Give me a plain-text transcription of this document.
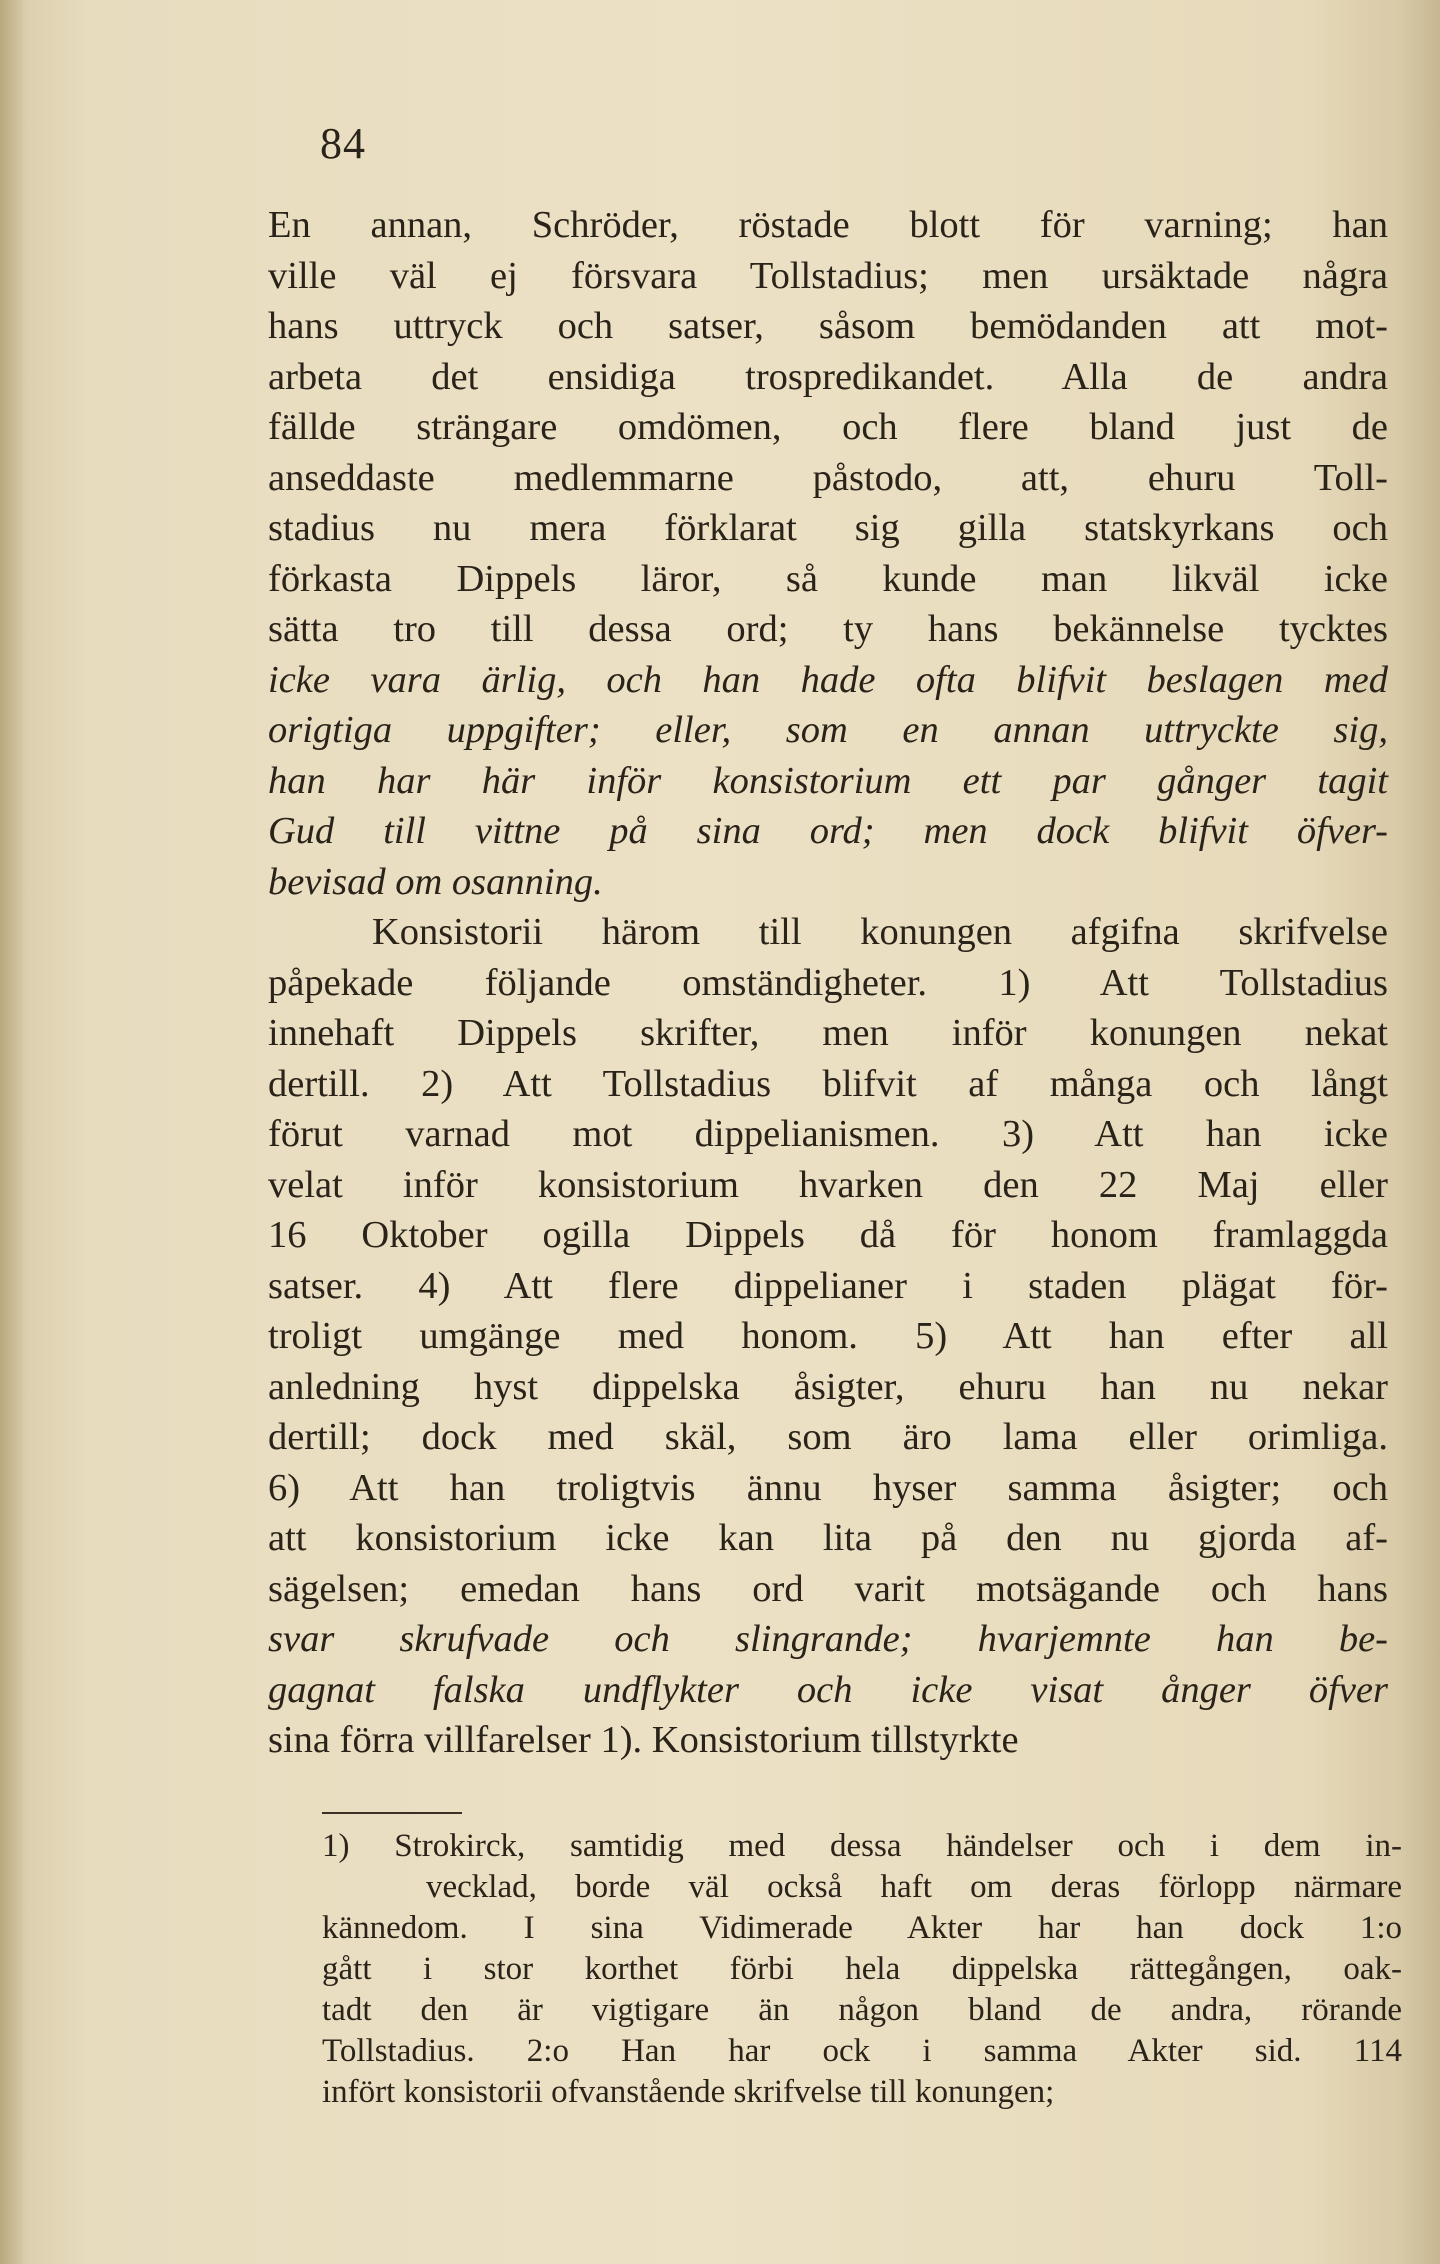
84
En annan, Schröder, röstade blott för varning; han
ville väl ej försvara Tollstadius; men ursäktade några
hans uttryck och satser, såsom bemödanden att mot-
arbeta det ensidiga trospredikandet. Alla de andra
fällde strängare omdömen, och flere bland just de
anseddaste medlemmarne påstodo, att, ehuru Toll-
stadius nu mera förklarat sig gilla statskyrkans och
förkasta Dippels läror, så kunde man likväl icke
sätta tro till dessa ord; ty hans bekännelse tycktes
icke vara ärlig, och han hade ofta blifvit beslagen med
origtiga uppgifter; eller, som en annan uttryckte sig,
han har här inför konsistorium ett par gånger tagit
Gud till vittne på sina ord; men dock blifvit öfver-
bevisad om osanning.
Konsistorii härom till konungen afgifna skrifvelse
påpekade följande omständigheter. 1) Att Tollstadius
innehaft Dippels skrifter, men inför konungen nekat
dertill. 2) Att Tollstadius blifvit af många och långt
förut varnad mot dippelianismen. 3) Att han icke
velat inför konsistorium hvarken den 22 Maj eller
16 Oktober ogilla Dippels då för honom framlaggda
satser. 4) Att flere dippelianer i staden plägat för-
troligt umgänge med honom. 5) Att han efter all
anledning hyst dippelska åsigter, ehuru han nu nekar
dertill; dock med skäl, som äro lama eller orimliga.
6) Att han troligtvis ännu hyser samma åsigter; och
att konsistorium icke kan lita på den nu gjorda af-
sägelsen; emedan hans ord varit motsägande och hans
svar skrufvade och slingrande; hvarjemnte han be-
gagnat falska undflykter och icke visat ånger öfver
sina förra villfarelser 1). Konsistorium tillstyrkte
1) Strokirck, samtidig med dessa händelser och i dem in-
vecklad, borde väl också haft om deras förlopp närmare
kännedom. I sina Vidimerade Akter har han dock 1:o
gått i stor korthet förbi hela dippelska rättegången, oak-
tadt den är vigtigare än någon bland de andra, rörande
Tollstadius. 2:o Han har ock i samma Akter sid. 114
infört konsistorii ofvanstående skrifvelse till konungen;
